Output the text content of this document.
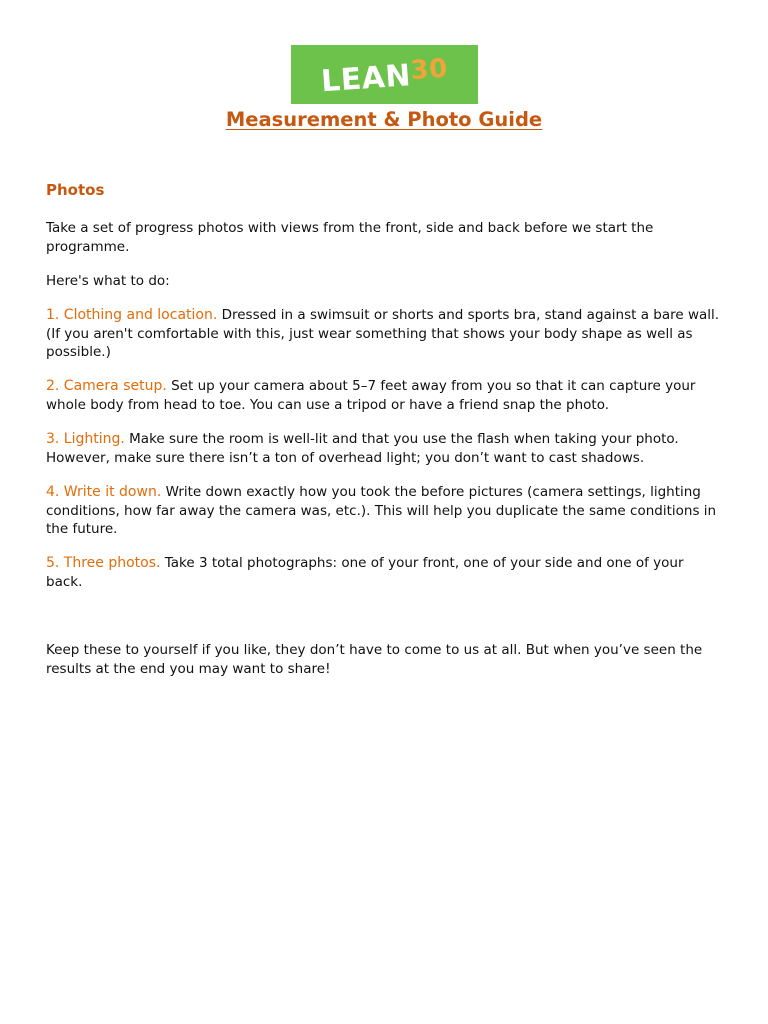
LEAN30
Measurement & Photo Guide
Photos

Take a set of progress photos with views from the front, side and back before we start the programme.

Here's what to do:

1. Clothing and location. Dressed in a swimsuit or shorts and sports bra, stand against a bare wall. (If you aren't comfortable with this, just wear something that shows your body shape as well as possible.)

2. Camera setup. Set up your camera about 5–7 feet away from you so that it can capture your whole body from head to toe. You can use a tripod or have a friend snap the photo.

3. Lighting. Make sure the room is well-lit and that you use the flash when taking your photo. However, make sure there isn’t a ton of overhead light; you don’t want to cast shadows.

4. Write it down. Write down exactly how you took the before pictures (camera settings, lighting conditions, how far away the camera was, etc.). This will help you duplicate the same conditions in the future.

5. Three photos. Take 3 total photographs: one of your front, one of your side and one of your back.

Keep these to yourself if you like, they don’t have to come to us at all. But when you’ve seen the results at the end you may want to share!
